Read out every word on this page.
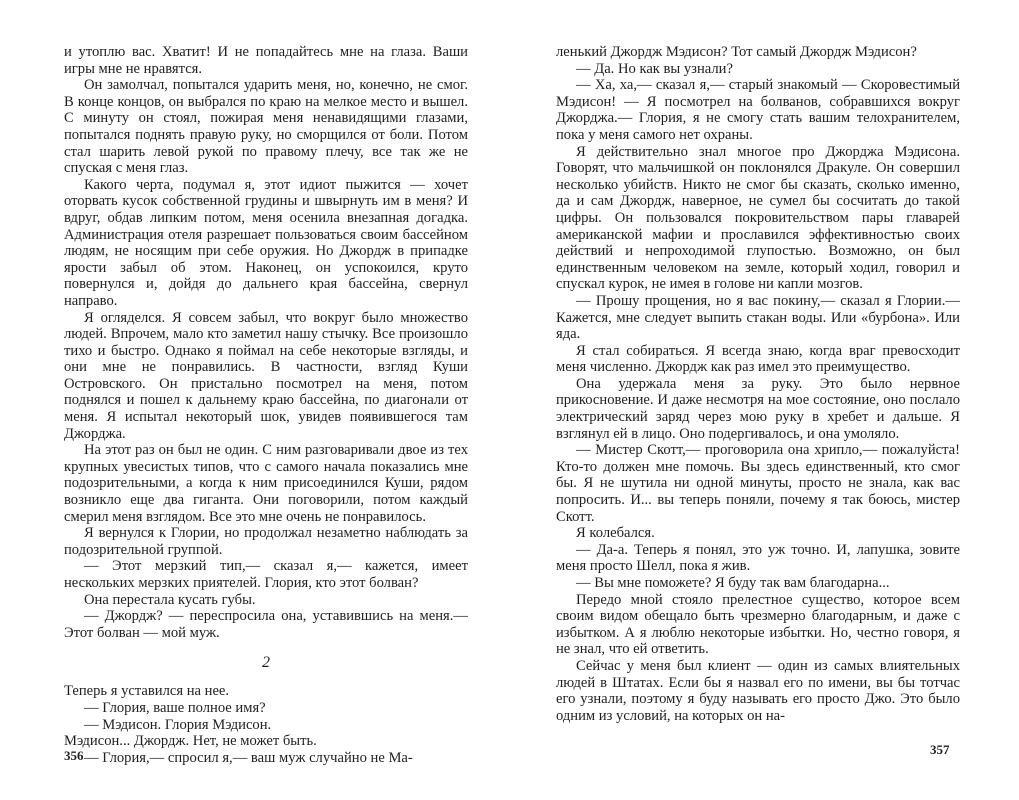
и утоплю вас. Хватит! И не попадайтесь мне на глаза. Ваши игры мне не нравятся.

Он замолчал, попытался ударить меня, но, конечно, не смог. В конце концов, он выбрался по краю на мелкое место и вышел. С минуту он стоял, пожирая меня ненавидящими глазами, попытался поднять правую руку, но сморщился от боли. Потом стал шарить левой рукой по правому плечу, все так же не спуская с меня глаз.

Какого черта, подумал я, этот идиот пыжится — хочет оторвать кусок собственной грудины и швырнуть им в меня? И вдруг, обдав липким потом, меня осенила внезапная догадка. Администрация отеля разрешает пользоваться своим бассейном людям, не носящим при себе оружия. Но Джордж в припадке ярости забыл об этом. Наконец, он успокоился, круто повернулся и, дойдя до дальнего края бассейна, свернул направо.

Я огляделся. Я совсем забыл, что вокруг было множество людей. Впрочем, мало кто заметил нашу стычку. Все произошло тихо и быстро. Однако я поймал на себе некоторые взгляды, и они мне не понравились. В частности, взгляд Куши Островского. Он пристально посмотрел на меня, потом поднялся и пошел к дальнему краю бассейна, по диагонали от меня. Я испытал некоторый шок, увидев появившегося там Джорджа.

На этот раз он был не один. С ним разговаривали двое из тех крупных увесистых типов, что с самого начала показались мне подозрительными, а когда к ним присоединился Куши, рядом возникло еще два гиганта. Они поговорили, потом каждый смерил меня взглядом. Все это мне очень не понравилось.

Я вернулся к Глории, но продолжал незаметно наблюдать за подозрительной группой.

— Этот мерзкий тип,— сказал я,— кажется, имеет нескольких мерзких приятелей. Глория, кто этот болван?

Она перестала кусать губы.

— Джордж? — переспросила она, уставившись на меня.— Этот болван — мой муж.

2

Теперь я уставился на нее.

— Глория, ваше полное имя?

— Мэдисон. Глория Мэдисон.

Мэдисон... Джордж. Нет, не может быть.

— Глория,— спросил я,— ваш муж случайно не Ма-

ленький Джордж Мэдисон? Тот самый Джордж Мэдисон?

— Да. Но как вы узнали?

— Ха, ха,— сказал я,— старый знакомый — Скоровестимый Мэдисон! — Я посмотрел на болванов, собравшихся вокруг Джорджа.— Глория, я не смогу стать вашим телохранителем, пока у меня самого нет охраны.

Я действительно знал многое про Джорджа Мэдисона. Говорят, что мальчишкой он поклонялся Дракуле. Он совершил несколько убийств. Никто не смог бы сказать, сколько именно, да и сам Джордж, наверное, не сумел бы сосчитать до такой цифры. Он пользовался покровительством пары главарей американской мафии и прославился эффективностью своих действий и непроходимой глупостью. Возможно, он был единственным человеком на земле, который ходил, говорил и спускал курок, не имея в голове ни капли мозгов.

— Прошу прощения, но я вас покину,— сказал я Глории.— Кажется, мне следует выпить стакан воды. Или «бурбона». Или яда.

Я стал собираться. Я всегда знаю, когда враг превосходит меня численно. Джордж как раз имел это преимущество.

Она удержала меня за руку. Это было нервное прикосновение. И даже несмотря на мое состояние, оно послало электрический заряд через мою руку в хребет и дальше. Я взглянул ей в лицо. Оно подергивалось, и она умоляло.

— Мистер Скотт,— проговорила она хрипло,— пожалуйста! Кто-то должен мне помочь. Вы здесь единственный, кто смог бы. Я не шутила ни одной минуты, просто не знала, как вас попросить. И... вы теперь поняли, почему я так боюсь, мистер Скотт.

Я колебался.

— Да-а. Теперь я понял, это уж точно. И, лапушка, зовите меня просто Шелл, пока я жив.

— Вы мне поможете? Я буду так вам благодарна...

Передо мной стояло прелестное существо, которое всем своим видом обещало быть чрезмерно благодарным, и даже с избытком. А я люблю некоторые избытки. Но, честно говоря, я не знал, что ей ответить.

Сейчас у меня был клиент — один из самых влиятельных людей в Штатах. Если бы я назвал его по имени, вы бы тотчас его узнали, поэтому я буду называть его просто Джо. Это было одним из условий, на которых он на-

356	357
